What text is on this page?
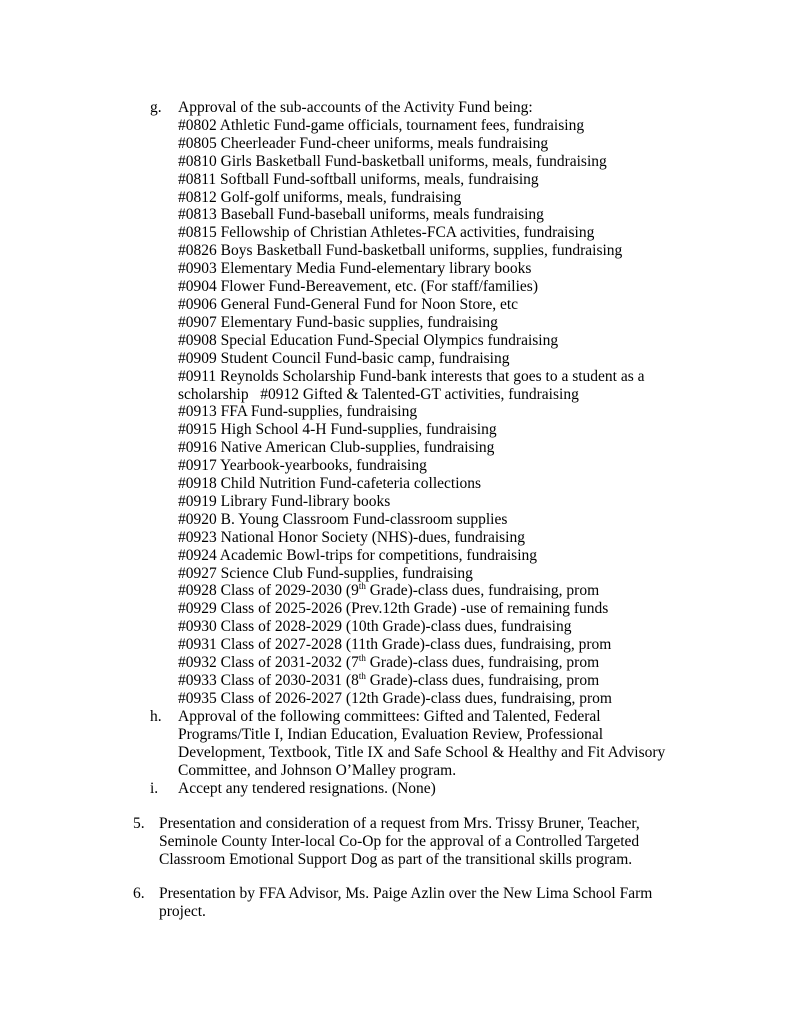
g. Approval of the sub-accounts of the Activity Fund being:
#0802 Athletic Fund-game officials, tournament fees, fundraising
#0805 Cheerleader Fund-cheer uniforms, meals fundraising
#0810 Girls Basketball Fund-basketball uniforms, meals, fundraising
#0811 Softball Fund-softball uniforms, meals, fundraising
#0812 Golf-golf uniforms, meals, fundraising
#0813 Baseball Fund-baseball uniforms, meals fundraising
#0815 Fellowship of Christian Athletes-FCA activities, fundraising
#0826 Boys Basketball Fund-basketball uniforms, supplies, fundraising
#0903 Elementary Media Fund-elementary library books
#0904 Flower Fund-Bereavement, etc. (For staff/families)
#0906 General Fund-General Fund for Noon Store, etc
#0907 Elementary Fund-basic supplies, fundraising
#0908 Special Education Fund-Special Olympics fundraising
#0909 Student Council Fund-basic camp, fundraising
#0911 Reynolds Scholarship Fund-bank interests that goes to a student as a
scholarship   #0912 Gifted & Talented-GT activities, fundraising
#0913 FFA Fund-supplies, fundraising
#0915 High School 4-H Fund-supplies, fundraising
#0916 Native American Club-supplies, fundraising
#0917 Yearbook-yearbooks, fundraising
#0918 Child Nutrition Fund-cafeteria collections
#0919 Library Fund-library books
#0920 B. Young Classroom Fund-classroom supplies
#0923 National Honor Society (NHS)-dues, fundraising
#0924 Academic Bowl-trips for competitions, fundraising
#0927 Science Club Fund-supplies, fundraising
#0928 Class of 2029-2030 (9th Grade)-class dues, fundraising, prom
#0929 Class of 2025-2026 (Prev.12th Grade) -use of remaining funds
#0930 Class of 2028-2029 (10th Grade)-class dues, fundraising
#0931 Class of 2027-2028 (11th Grade)-class dues, fundraising, prom
#0932 Class of 2031-2032 (7th Grade)-class dues, fundraising, prom
#0933 Class of 2030-2031 (8th Grade)-class dues, fundraising, prom
#0935 Class of 2026-2027 (12th Grade)-class dues, fundraising, prom
h. Approval of the following committees: Gifted and Talented, Federal
Programs/Title I, Indian Education, Evaluation Review, Professional
Development, Textbook, Title IX and Safe School & Healthy and Fit Advisory
Committee, and Johnson O’Malley program.
i. Accept any tendered resignations. (None)
5. Presentation and consideration of a request from Mrs. Trissy Bruner, Teacher,
Seminole County Inter-local Co-Op for the approval of a Controlled Targeted
Classroom Emotional Support Dog as part of the transitional skills program.
6. Presentation by FFA Advisor, Ms. Paige Azlin over the New Lima School Farm
project.
